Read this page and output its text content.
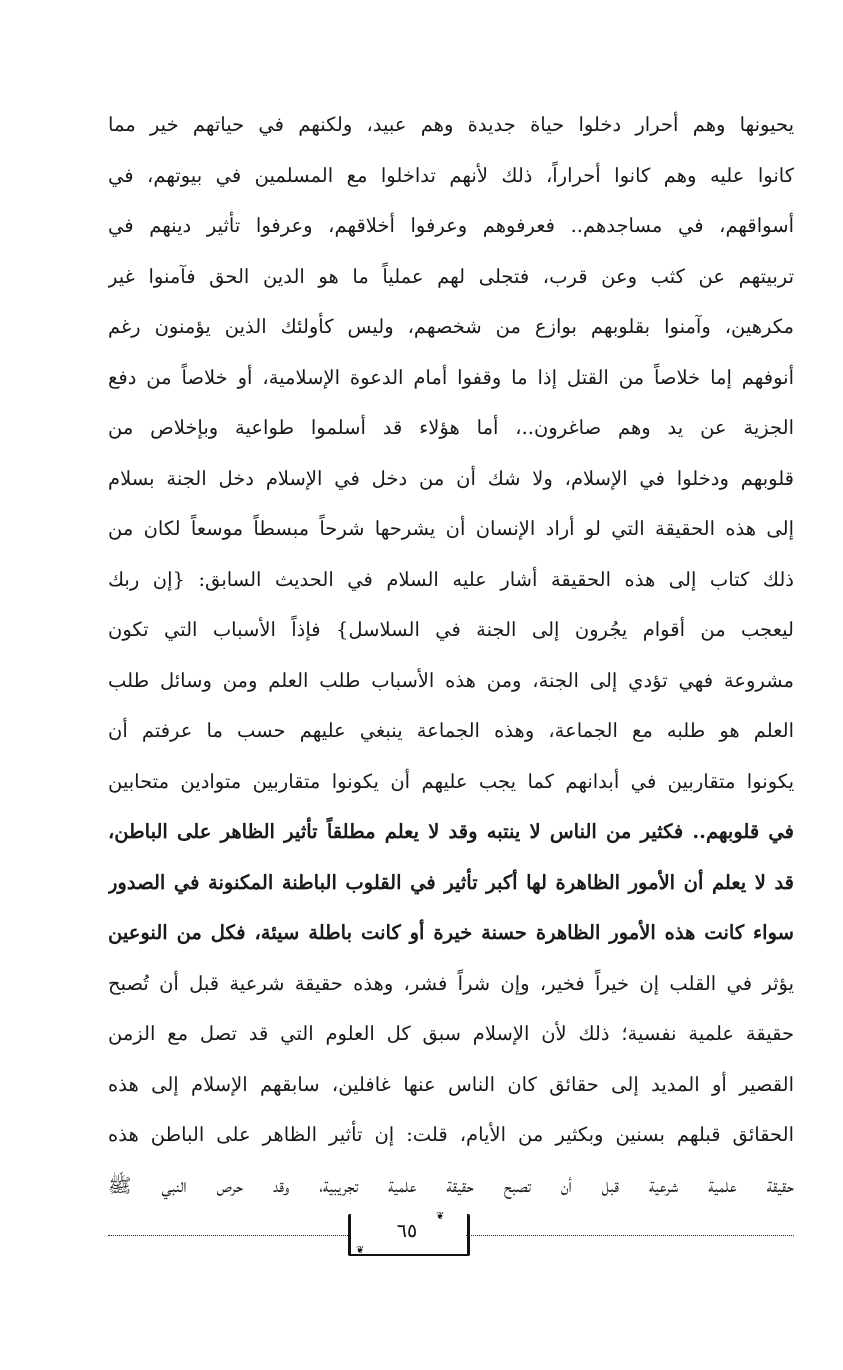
يحيونها وهم أحرار دخلوا حياة جديدة وهم عبيد، ولكنهم في حياتهم خير مما
كانوا عليه وهم كانوا أحراراً، ذلك لأنهم تداخلوا مع المسلمين في بيوتهم، في
أسواقهم، في مساجدهم.. فعرفوهم وعرفوا أخلاقهم، وعرفوا تأثير دينهم في
تربيتهم عن كثب وعن قرب، فتجلى لهم عملياً ما هو الدين الحق فآمنوا غير
مكرهين، وآمنوا بقلوبهم بوازع من شخصهم، وليس كأولئك الذين يؤمنون رغم
أنوفهم إما خلاصاً من القتل إذا ما وقفوا أمام الدعوة الإسلامية، أو خلاصاً من دفع
الجزية عن يد وهم صاغرون..، أما هؤلاء قد أسلموا طواعية وبإخلاص من
قلوبهم ودخلوا في الإسلام، ولا شك أن من دخل في الإسلام دخل الجنة بسلام
إلى هذه الحقيقة التي لو أراد الإنسان أن يشرحها شرحاً مبسطاً موسعاً لكان من
ذلك كتاب إلى هذه الحقيقة أشار عليه السلام في الحديث السابق: {إن ربك
ليعجب من أقوام يجُرون إلى الجنة في السلاسل} فإذاً الأسباب التي تكون
مشروعة فهي تؤدي إلى الجنة، ومن هذه الأسباب طلب العلم ومن وسائل طلب
العلم هو طلبه مع الجماعة، وهذه الجماعة ينبغي عليهم حسب ما عرفتم أن
يكونوا متقاربين في أبدانهم كما يجب عليهم أن يكونوا متقاربين متوادين متحابين
في قلوبهم.. فكثير من الناس لا ينتبه وقد لا يعلم مطلقاً تأثير الظاهر على الباطن،
قد لا يعلم أن الأمور الظاهرة لها أكبر تأثير في القلوب الباطنة المكنونة في الصدور
سواء كانت هذه الأمور الظاهرة حسنة خيرة أو كانت باطلة سيئة، فكل من النوعين
يؤثر في القلب إن خيراً فخير، وإن شراً فشر، وهذه حقيقة شرعية قبل أن تُصبح
حقيقة علمية نفسية؛ ذلك لأن الإسلام سبق كل العلوم التي قد تصل مع الزمن
القصير أو المديد إلى حقائق كان الناس عنها غافلين، سابقهم الإسلام إلى هذه
الحقائق قبلهم بسنين وبكثير من الأيام، قلت: إن تأثير الظاهر على الباطن هذه
حقيقة علمية شرعية قبل أن تصبح حقيقة علمية تجريبية، وقد حرص النبي ﷺ
❦
❦
٦٥
